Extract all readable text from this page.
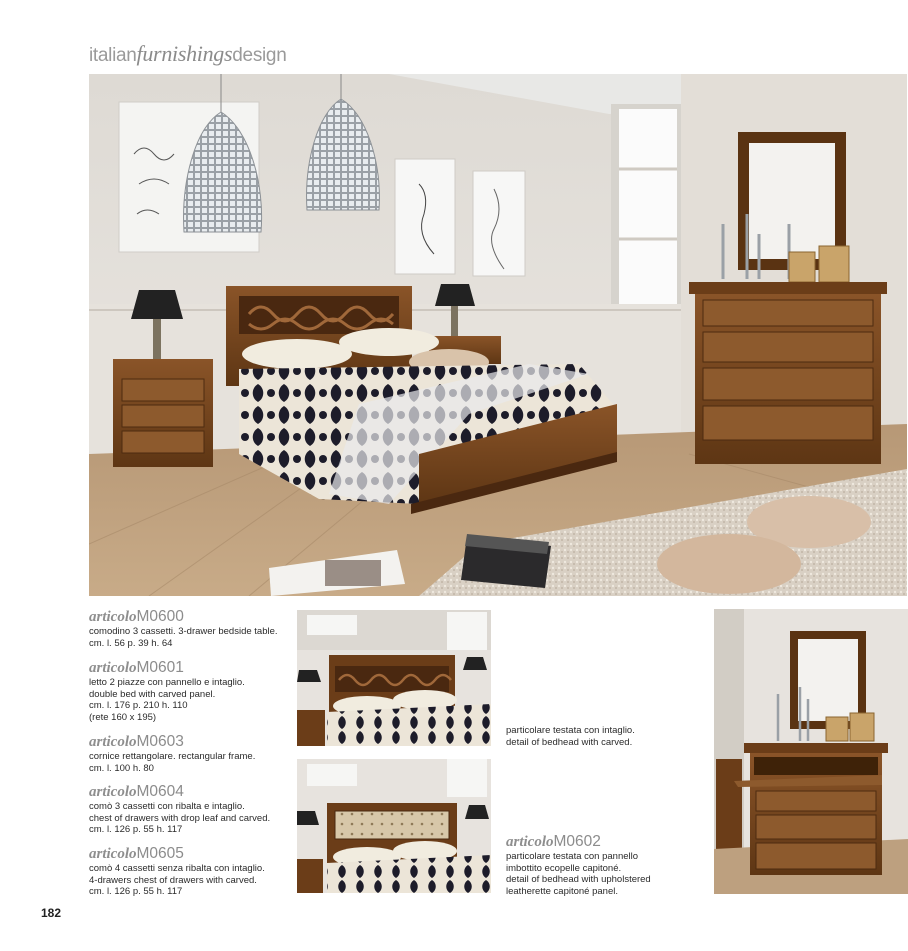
italianfurnishingsdesign
articoloM0600
comodino 3 cassetti. 3-drawer bedside table.
cm. l. 56 p. 39 h. 64
articoloM0601
letto 2 piazze con pannello e intaglio.
double bed with carved panel.
cm. l. 176 p. 210 h. 110
(rete 160 x 195)
articoloM0603
cornice rettangolare. rectangular frame.
cm. l. 100 h. 80
articoloM0604
comò 3 cassetti con ribalta e intaglio.
chest of drawers with drop leaf and carved.
cm. l. 126 p. 55 h. 117
articoloM0605
comò 4 cassetti senza ribalta con intaglio.
4-drawers chest of drawers with carved.
cm. l. 126 p. 55 h. 117
particolare testata con intaglio.
detail of bedhead with carved.
articoloM0602
particolare testata con pannello
imbottito ecopelle capitoné.
detail of bedhead with upholstered
leatherette capitoné panel.
182
